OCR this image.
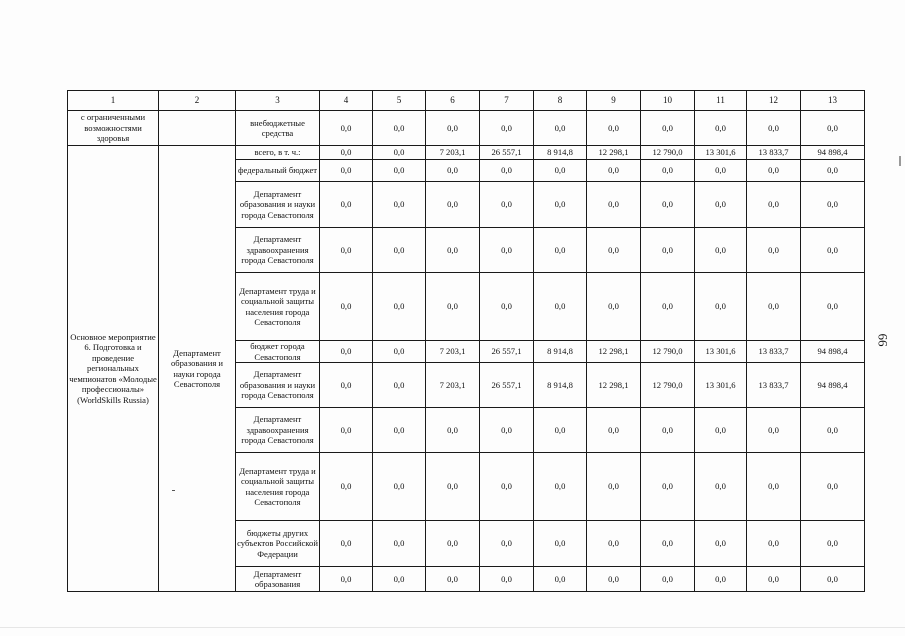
1	2	3	4	5	6	7	8	9	10	11	12	13
с ограниченными возможностями здоровья		внебюджетные средства	0,0	0,0	0,0	0,0	0,0	0,0	0,0	0,0	0,0	0,0
Основное мероприятие 6. Подготовка и проведение региональных чемпионатов «Молодые профессионалы» (WorldSkills Russia)	Департамент образования и науки города Севастополя	всего, в т. ч.:	0,0	0,0	7 203,1	26 557,1	8 914,8	12 298,1	12 790,0	13 301,6	13 833,7	94 898,4
		федеральный бюджет	0,0	0,0	0,0	0,0	0,0	0,0	0,0	0,0	0,0	0,0
		Департамент образования и науки города Севастополя	0,0	0,0	0,0	0,0	0,0	0,0	0,0	0,0	0,0	0,0
		Департамент здравоохранения города Севастополя	0,0	0,0	0,0	0,0	0,0	0,0	0,0	0,0	0,0	0,0
		Департамент труда и социальной защиты населения города Севастополя	0,0	0,0	0,0	0,0	0,0	0,0	0,0	0,0	0,0	0,0
		бюджет города Севастополя	0,0	0,0	7 203,1	26 557,1	8 914,8	12 298,1	12 790,0	13 301,6	13 833,7	94 898,4
		Департамент образования и науки города Севастополя	0,0	0,0	7 203,1	26 557,1	8 914,8	12 298,1	12 790,0	13 301,6	13 833,7	94 898,4
		Департамент здравоохранения города Севастополя	0,0	0,0	0,0	0,0	0,0	0,0	0,0	0,0	0,0	0,0
		Департамент труда и социальной защиты населения города Севастополя	0,0	0,0	0,0	0,0	0,0	0,0	0,0	0,0	0,0	0,0
		бюджеты других субъектов Российской Федерации	0,0	0,0	0,0	0,0	0,0	0,0	0,0	0,0	0,0	0,0
		Департамент образования	0,0	0,0	0,0	0,0	0,0	0,0	0,0	0,0	0,0	0,0
66
